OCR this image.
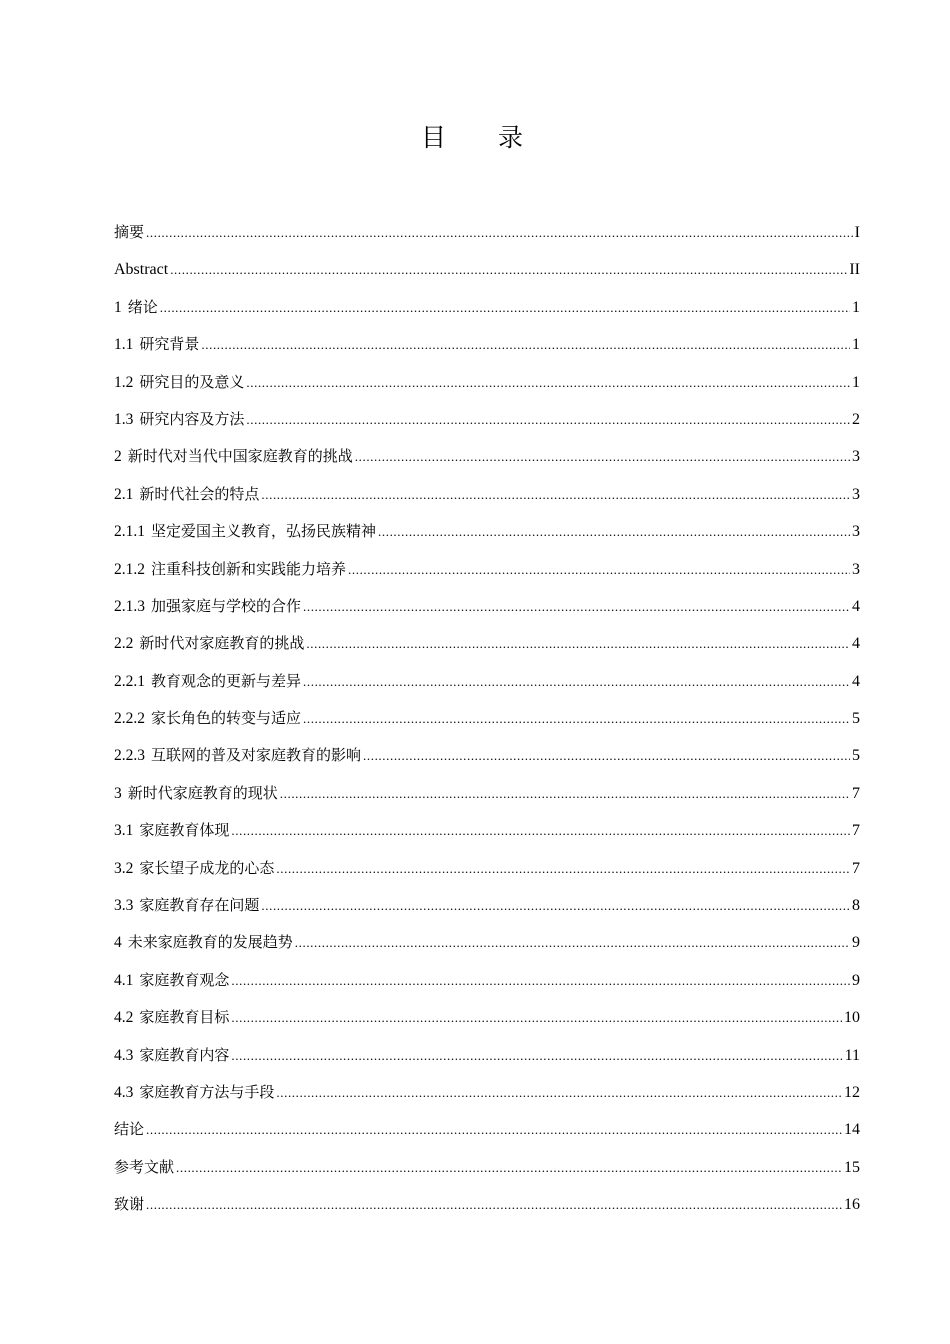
目 录
摘要 .....	I
Abstract .....	II
1 绪论 .....	1
1.1 研究背景 .....	1
1.2 研究目的及意义 .....	1
1.3 研究内容及方法 .....	2
2 新时代对当代中国家庭教育的挑战 .....	3
2.1 新时代社会的特点 .....	3
2.1.1 坚定爱国主义教育，弘扬民族精神 .....	3
2.1.2 注重科技创新和实践能力培养 .....	3
2.1.3 加强家庭与学校的合作 .....	4
2.2 新时代对家庭教育的挑战 .....	4
2.2.1 教育观念的更新与差异 .....	4
2.2.2 家长角色的转变与适应 .....	5
2.2.3 互联网的普及对家庭教育的影响 .....	5
3 新时代家庭教育的现状 .....	7
3.1 家庭教育体现 .....	7
3.2 家长望子成龙的心态 .....	7
3.3 家庭教育存在问题 .....	8
4 未来家庭教育的发展趋势 .....	9
4.1 家庭教育观念 .....	9
4.2 家庭教育目标 .....	10
4.3 家庭教育内容 .....	11
4.3 家庭教育方法与手段 .....	12
结论 .....	14
参考文献 .....	15
致谢 .....	16
